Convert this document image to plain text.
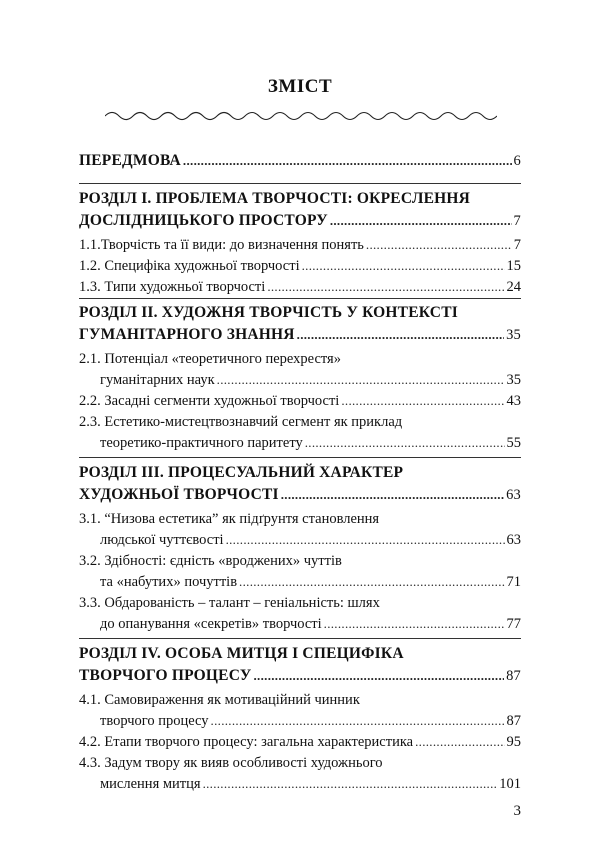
ЗМІСТ
ПЕРЕДМОВА .....	6
РОЗДІЛ І. ПРОБЛЕМА ТВОРЧОСТІ: ОКРЕСЛЕННЯ
ДОСЛІДНИЦЬКОГО ПРОСТОРУ .....	7
1.1.Творчість та її види: до визначення понять .....	7
1.2. Специфіка художньої творчості .....	15
1.3. Типи художньої творчості .....	24
РОЗДІЛ ІІ. ХУДОЖНЯ ТВОРЧІСТЬ У КОНТЕКСТІ
ГУМАНІТАРНОГО ЗНАННЯ .....	35
2.1. Потенціал «теоретичного перехрестя»
гуманітарних наук .....	35
2.2. Засадні сегменти художньої творчості .....	43
2.3. Естетико-мистецтвознавчий сегмент як приклад
теоретико-практичного паритету .....	55
РОЗДІЛ ІІІ. ПРОЦЕСУАЛЬНИЙ ХАРАКТЕР
ХУДОЖНЬОЇ ТВОРЧОСТІ .....	63
3.1. “Низова естетика” як підґрунтя становлення
людської чуттєвості .....	63
3.2. Здібності: єдність «вроджених» чуттів
та «набутих» почуттів .....	71
3.3. Обдарованість – талант – геніальність: шлях
до опанування «секретів» творчості .....	77
РОЗДІЛ IV. ОСОБА МИТЦЯ І СПЕЦИФІКА
ТВОРЧОГО ПРОЦЕСУ .....	87
4.1. Самовираження як мотиваційний чинник
творчого процесу .....	87
4.2. Етапи творчого процесу: загальна характеристика .....	95
4.3. Задум твору як вияв особливості художнього
мислення митця .....	101
3
